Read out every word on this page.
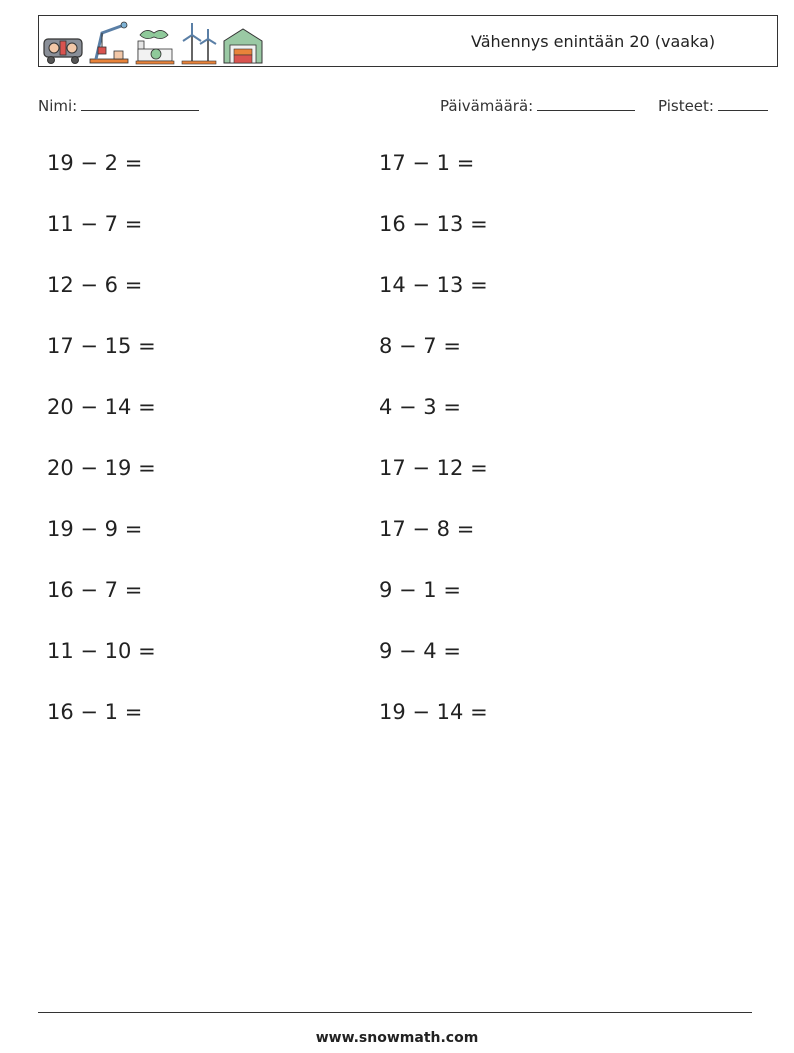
Vähennys enintään 20 (vaaka)
Nimi:	Päivämäärä:	Pisteet:
19 − 2 =
11 − 7 =
12 − 6 =
17 − 15 =
20 − 14 =
20 − 19 =
19 − 9 =
16 − 7 =
11 − 10 =
16 − 1 =
17 − 1 =
16 − 13 =
14 − 13 =
8 − 7 =
4 − 3 =
17 − 12 =
17 − 8 =
9 − 1 =
9 − 4 =
19 − 14 =
www.snowmath.com
